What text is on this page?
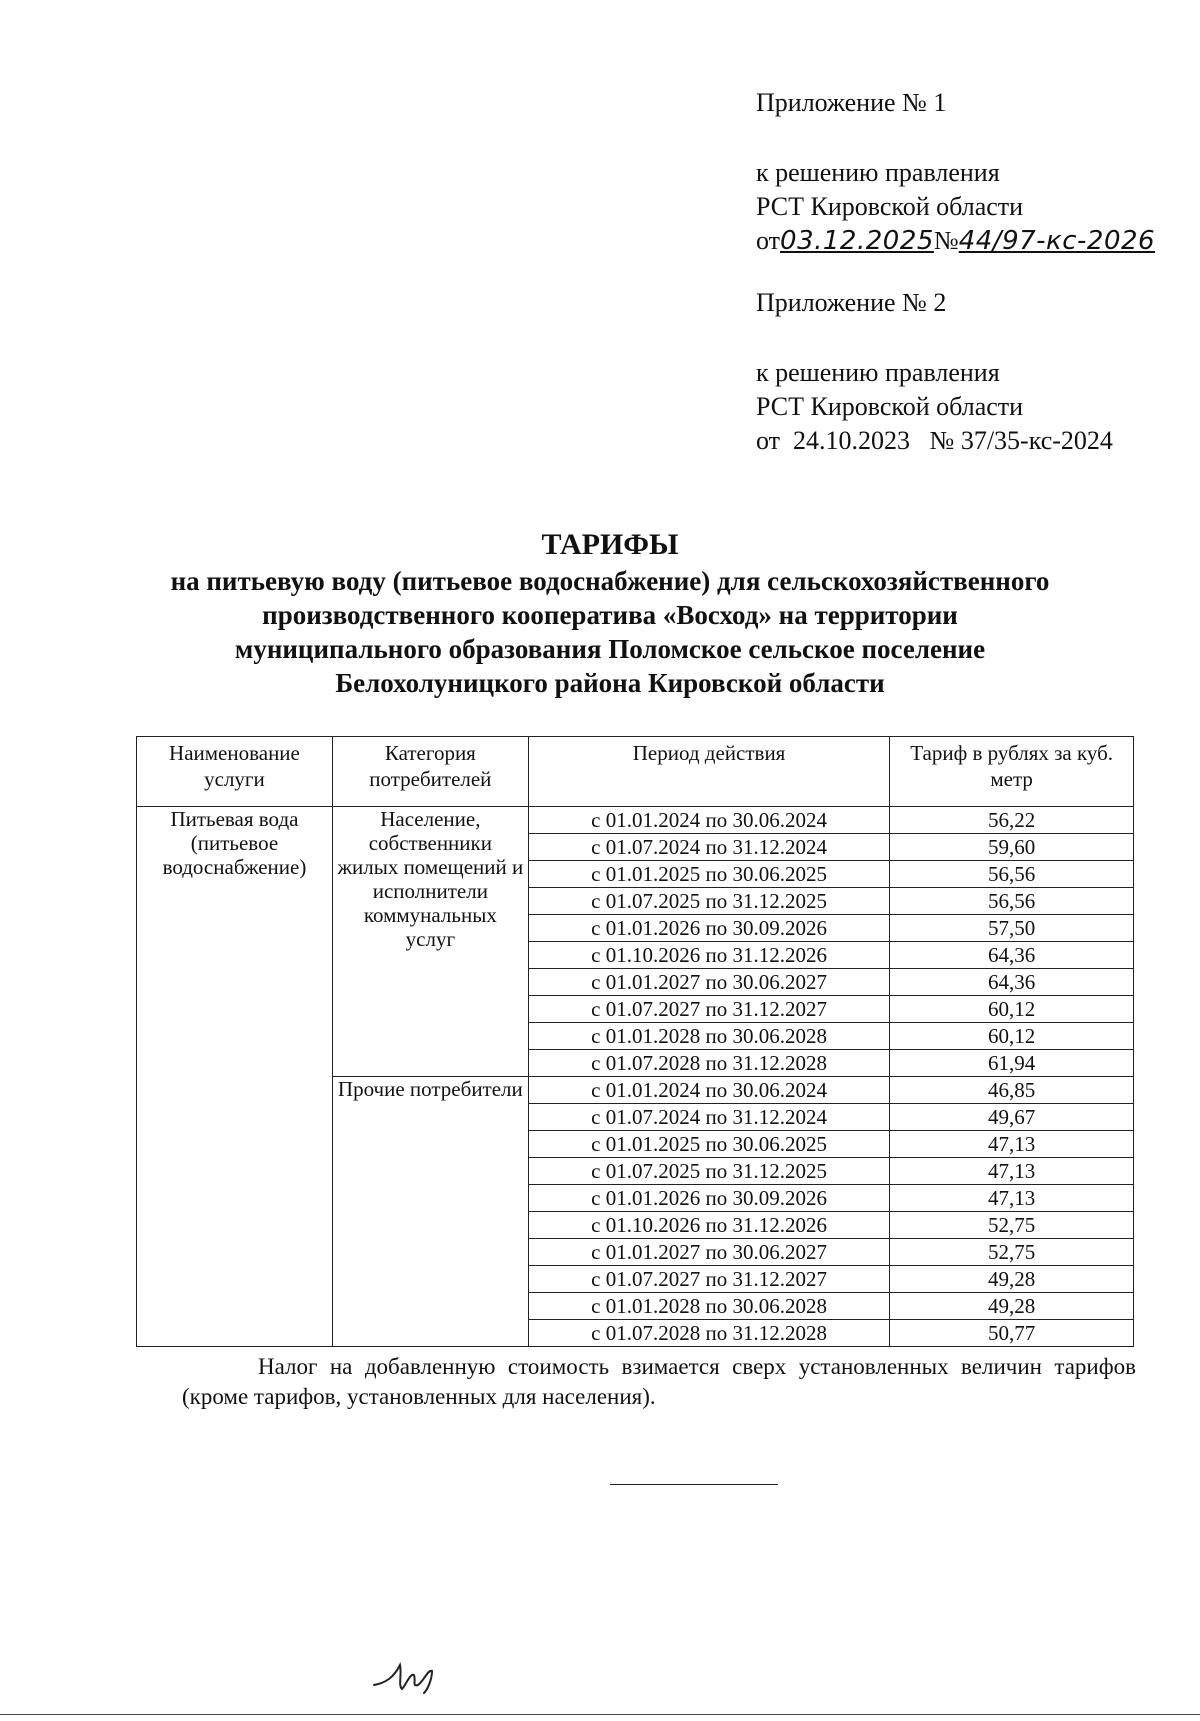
Приложение № 1
к решению правления
РСТ Кировской области
от03.12.2025№44/97-кс-2026
Приложение № 2
к решению правления
РСТ Кировской области
от  24.10.2023   № 37/35-кс-2024
ТАРИФЫ
на питьевую воду (питьевое водоснабжение) для сельскохозяйственного
производственного кооператива «Восход» на территории
муниципального образования Поломское сельское поселение
Белохолуницкого района Кировской области
Наименование услуги	Категория потребителей	Период действия	Тариф в рублях за куб. метр
Питьевая вода (питьевое водоснабжение)	Население, собственники жилых помещений и исполнители коммунальных услуг	с 01.01.2024 по 30.06.2024	56,22
		с 01.07.2024 по 31.12.2024	59,60
		с 01.01.2025 по 30.06.2025	56,56
		с 01.07.2025 по 31.12.2025	56,56
		с 01.01.2026 по 30.09.2026	57,50
		с 01.10.2026 по 31.12.2026	64,36
		с 01.01.2027 по 30.06.2027	64,36
		с 01.07.2027 по 31.12.2027	60,12
		с 01.01.2028 по 30.06.2028	60,12
		с 01.07.2028 по 31.12.2028	61,94
	Прочие потребители	с 01.01.2024 по 30.06.2024	46,85
		с 01.07.2024 по 31.12.2024	49,67
		с 01.01.2025 по 30.06.2025	47,13
		с 01.07.2025 по 31.12.2025	47,13
		с 01.01.2026 по 30.09.2026	47,13
		с 01.10.2026 по 31.12.2026	52,75
		с 01.01.2027 по 30.06.2027	52,75
		с 01.07.2027 по 31.12.2027	49,28
		с 01.01.2028 по 30.06.2028	49,28
		с 01.07.2028 по 31.12.2028	50,77

Налог на добавленную стоимость взимается сверх установленных величин тарифов (кроме тарифов, установленных для населения).
